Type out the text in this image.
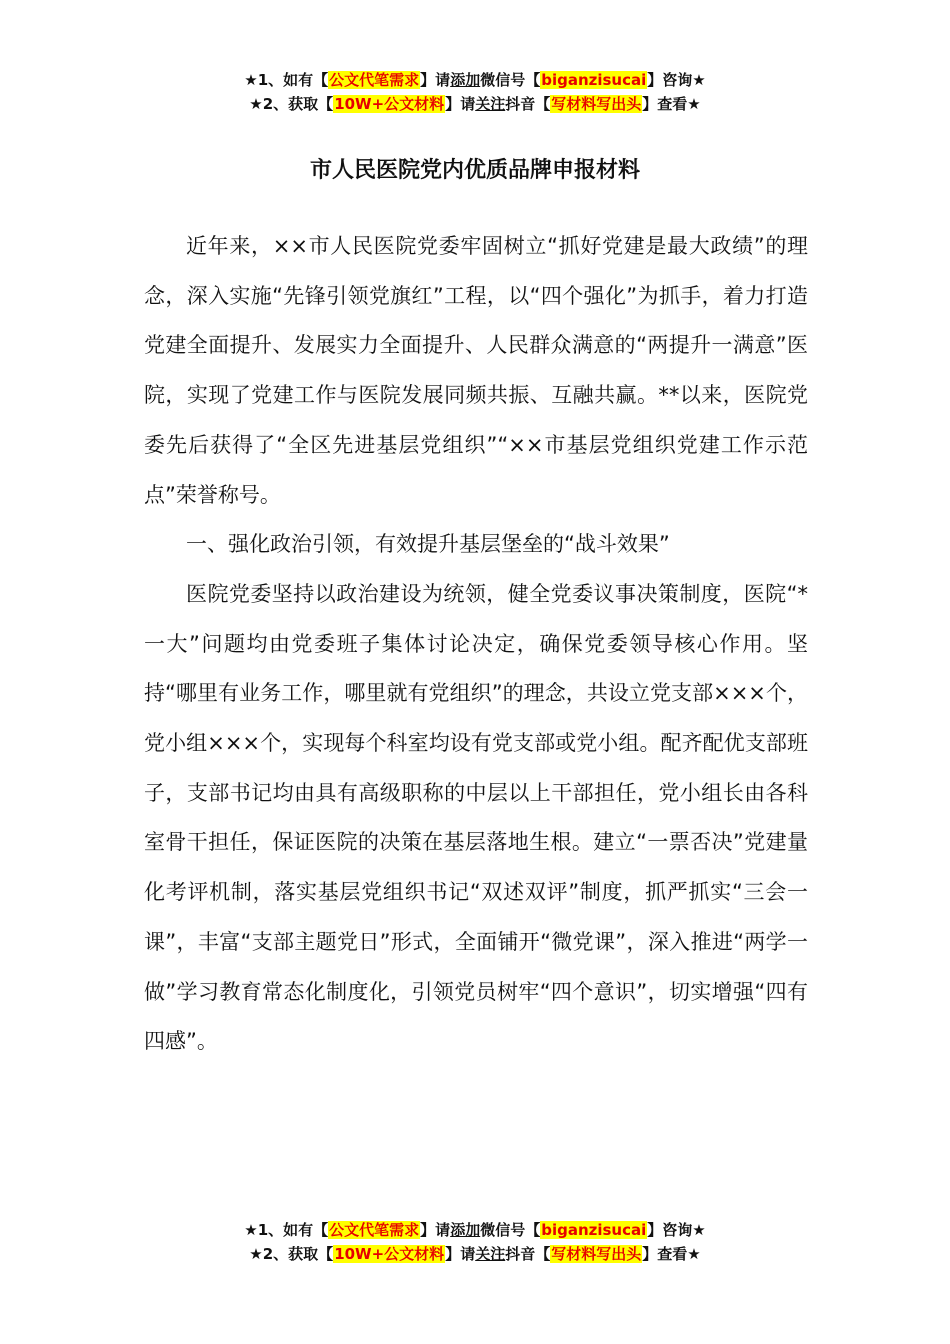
★1、如有【公文代笔需求】请添加微信号【biganzisucai】咨询★
★2、获取【10W+公文材料】请关注抖音【写材料写出头】查看★
市人民医院党内优质品牌申报材料

近年来，××市人民医院党委牢固树立“抓好党建是最大政绩”的理念，深入实施“先锋引领党旗红”工程，以“四个强化”为抓手，着力打造党建全面提升、发展实力全面提升、人民群众满意的“两提升一满意”医院，实现了党建工作与医院发展同频共振、互融共赢。**以来，医院党委先后获得了“全区先进基层党组织”“××市基层党组织党建工作示范点”荣誉称号。

一、强化政治引领，有效提升基层堡垒的“战斗效果”

医院党委坚持以政治建设为统领，健全党委议事决策制度，医院“*一大”问题均由党委班子集体讨论决定，确保党委领导核心作用。坚持“哪里有业务工作，哪里就有党组织”的理念，共设立党支部×××个，党小组×××个，实现每个科室均设有党支部或党小组。配齐配优支部班子，支部书记均由具有高级职称的中层以上干部担任，党小组长由各科室骨干担任，保证医院的决策在基层落地生根。建立“一票否决”党建量化考评机制，落实基层党组织书记“双述双评”制度，抓严抓实“三会一课”，丰富“支部主题党日”形式，全面铺开“微党课”，深入推进“两学一做”学习教育常态化制度化，引领党员树牢“四个意识”，切实增强“四有四感”。

★1、如有【公文代笔需求】请添加微信号【biganzisucai】咨询★
★2、获取【10W+公文材料】请关注抖音【写材料写出头】查看★
